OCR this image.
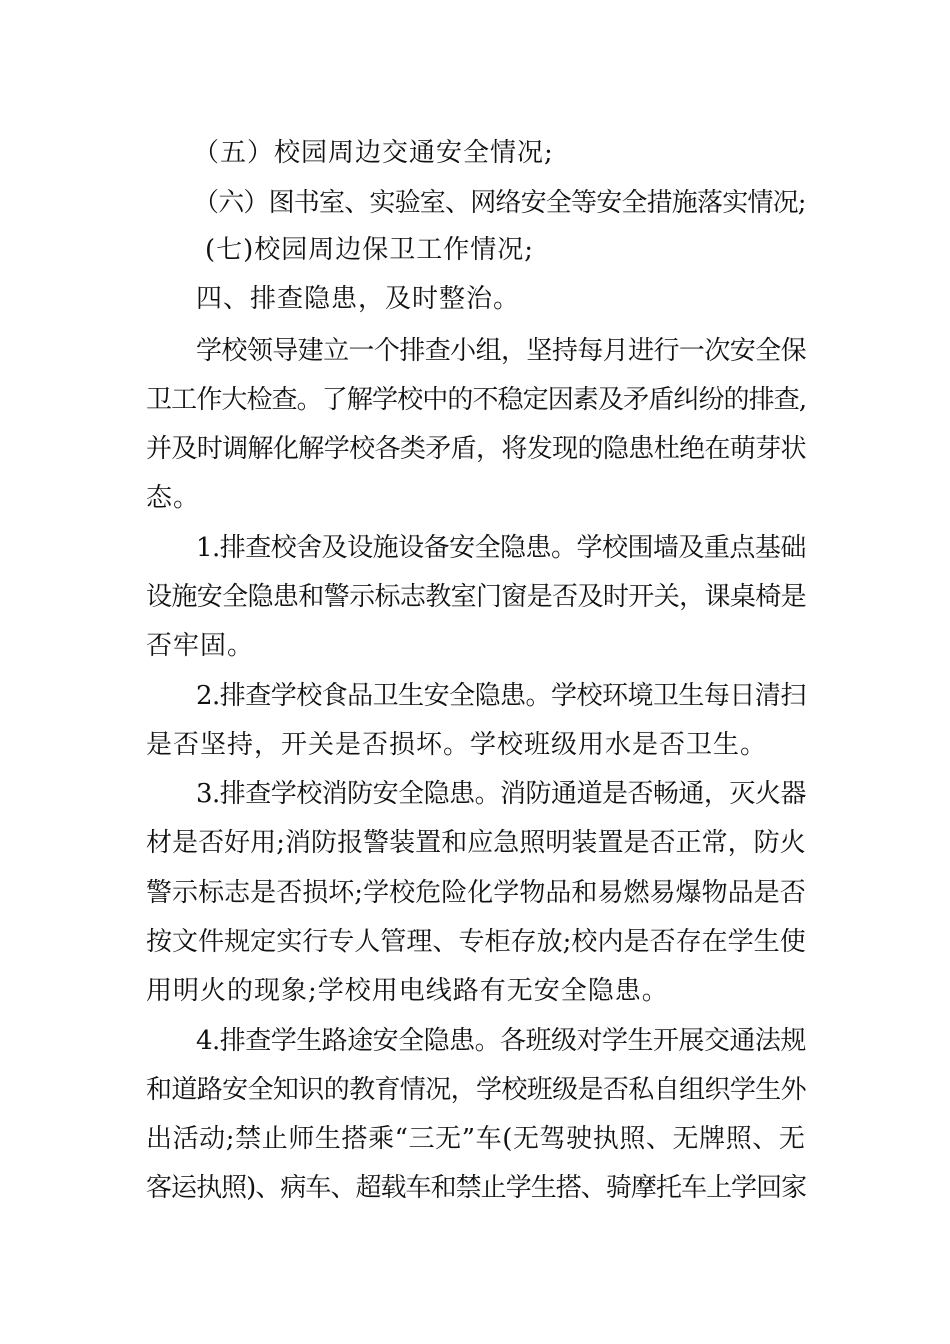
（五）校园周边交通安全情况;
（六）图书室、实验室、网络安全等安全措施落实情况;
(七)校园周边保卫工作情况;
四、排查隐患，及时整治。
学校领导建立一个排查小组，坚持每月进行一次安全保
卫工作大检查。了解学校中的不稳定因素及矛盾纠纷的排查,
并及时调解化解学校各类矛盾，将发现的隐患杜绝在萌芽状
态。
1.排查校舍及设施设备安全隐患。学校围墙及重点基础
设施安全隐患和警示标志教室门窗是否及时开关，课桌椅是
否牢固。
2.排查学校食品卫生安全隐患。学校环境卫生每日清扫
是否坚持，开关是否损坏。学校班级用水是否卫生。
3.排查学校消防安全隐患。消防通道是否畅通，灭火器
材是否好用;消防报警装置和应急照明装置是否正常，防火
警示标志是否损坏;学校危险化学物品和易燃易爆物品是否
按文件规定实行专人管理、专柜存放;校内是否存在学生使
用明火的现象;学校用电线路有无安全隐患。
4.排查学生路途安全隐患。各班级对学生开展交通法规
和道路安全知识的教育情况，学校班级是否私自组织学生外
出活动;禁止师生搭乘“三无”车(无驾驶执照、无牌照、无
客运执照)、病车、超载车和禁止学生搭、骑摩托车上学回家
